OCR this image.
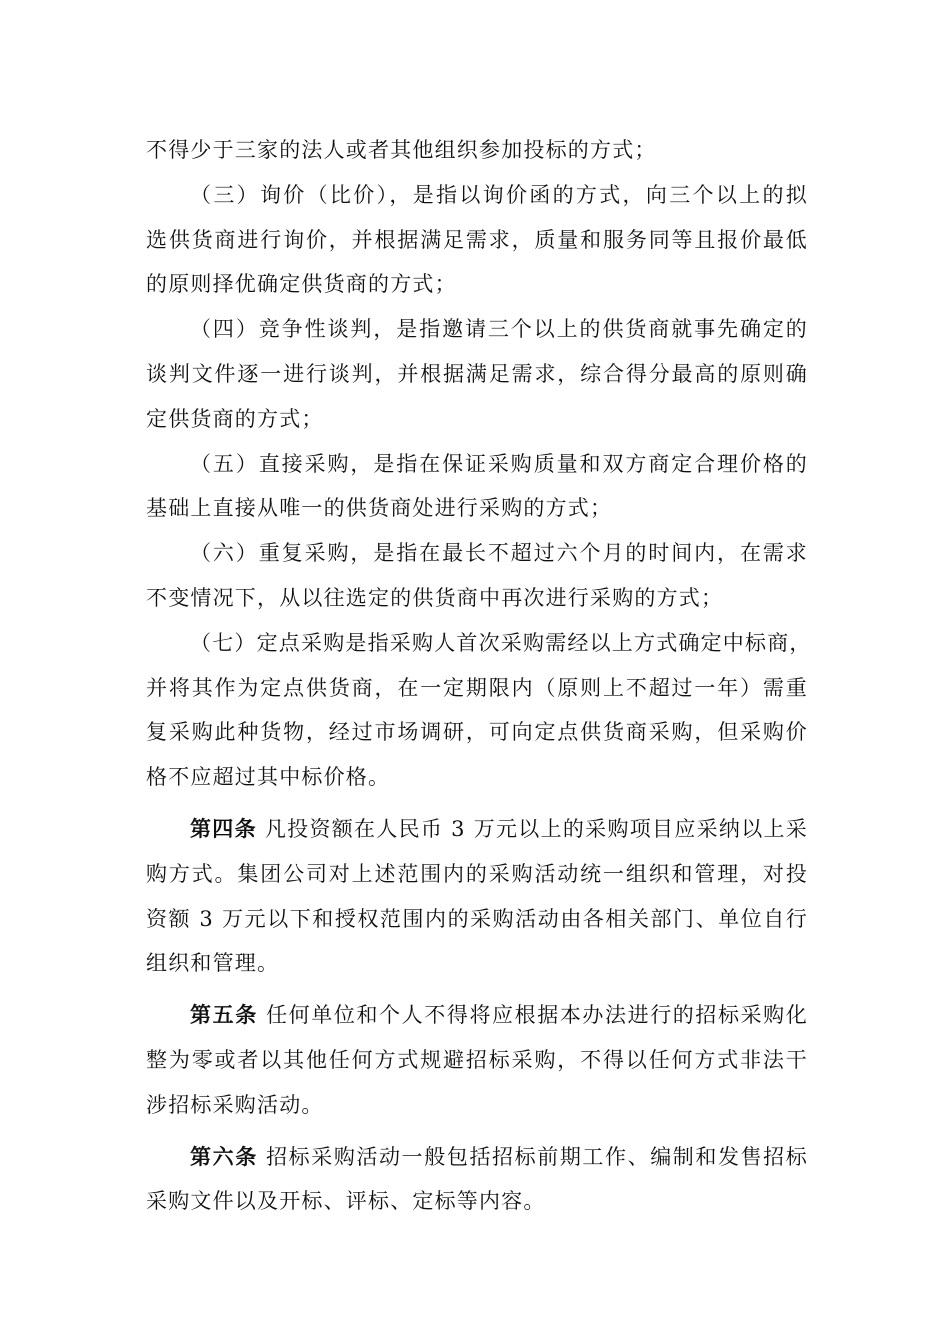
不得少于三家的法人或者其他组织参加投标的方式；
（三）询价（比价），是指以询价函的方式，向三个以上的拟
选供货商进行询价，并根据满足需求，质量和服务同等且报价最低
的原则择优确定供货商的方式；
（四）竞争性谈判，是指邀请三个以上的供货商就事先确定的
谈判文件逐一进行谈判，并根据满足需求，综合得分最高的原则确
定供货商的方式；
（五）直接采购，是指在保证采购质量和双方商定合理价格的
基础上直接从唯一的供货商处进行采购的方式；
（六）重复采购，是指在最长不超过六个月的时间内，在需求
不变情况下，从以往选定的供货商中再次进行采购的方式；
（七）定点采购是指采购人首次采购需经以上方式确定中标商，
并将其作为定点供货商，在一定期限内（原则上不超过一年）需重
复采购此种货物，经过市场调研，可向定点供货商采购，但采购价
格不应超过其中标价格。
第四条 凡投资额在人民币 3 万元以上的采购项目应采纳以上采
购方式。集团公司对上述范围内的采购活动统一组织和管理，对投
资额 3 万元以下和授权范围内的采购活动由各相关部门、单位自行
组织和管理。
第五条 任何单位和个人不得将应根据本办法进行的招标采购化
整为零或者以其他任何方式规避招标采购，不得以任何方式非法干
涉招标采购活动。
第六条 招标采购活动一般包括招标前期工作、编制和发售招标
采购文件以及开标、评标、定标等内容。
